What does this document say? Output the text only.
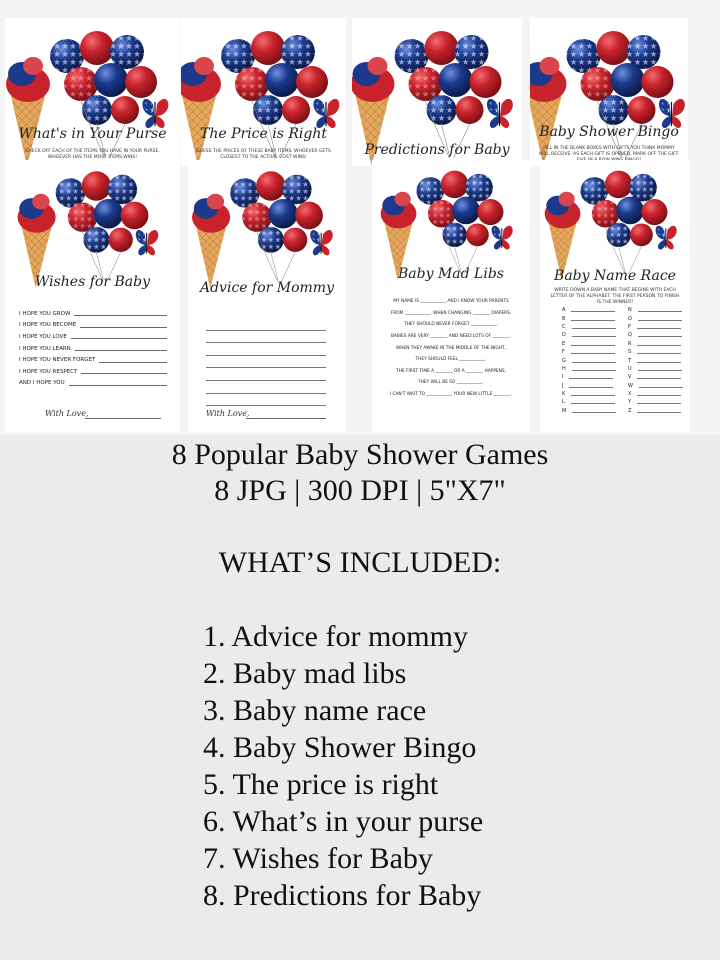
What's in Your Purse
CHECK OFF EACH OF THE ITEMS YOU HAVE IN YOUR PURSE. WHOEVER HAS THE MOST ITEMS WINS!
The Price is Right
GUESS THE PRICES OF THESE BABY ITEMS. WHOEVER GETS CLOSEST TO THE ACTUAL COST WINS!	Predictions for Baby
Baby Shower Bingo
FILL IN THE BLANK BOXES WITH GIFTS YOU THINK MOMMY WILL RECEIVE. AS EACH GIFT IS OPENED, MARK OFF THE GIFT.
Wishes for Baby
I HOPE YOU GROW
I HOPE YOU BECOME
I HOPE YOU LOVE
I HOPE YOU LEARN
I HOPE YOU NEVER FORGET
I HOPE YOU RESPECT
AND I HOPE YOU
With Love,
Advice for Mommy
With Love,
Baby Mad Libs
MY NAME IS ____________ AND I KNOW YOUR PARENTS
FROM ____________. WHEN CHANGING ________ DIAPERS,
THEY SHOULD NEVER FORGET ____________.
BABIES ARE VERY ________ AND NEED LOTS OF ________.
WHEN THEY AWAKE IN THE MIDDLE OF THE NIGHT,
THEY SHOULD FEEL ____________.
THE FIRST TIME A ________ OR A ________ HAPPENS,
THEY WILL BE SO ____________.
I CAN'T WAIT TO ____________ YOUR NEW LITTLE ________.
Baby Name Race
WRITE DOWN A BABY NAME THAT BEGINS WITH EACH LETTER OF THE ALPHABET. THE FIRST PERSON TO FINISH IS THE WINNER!
A
B
C
D
E
F
G
H
I
J
K
L
M
N
O
P
Q
R
S
T
U
V
W
X
Y
Z
8 Popular Baby Shower Games
8 JPG | 300 DPI | 5"X7"
WHAT’S INCLUDED:
1. Advice for mommy
2. Baby mad libs
3. Baby name race
4. Baby Shower Bingo
5. The price is right
6. What’s in your purse
7. Wishes for Baby
8. Predictions for Baby
